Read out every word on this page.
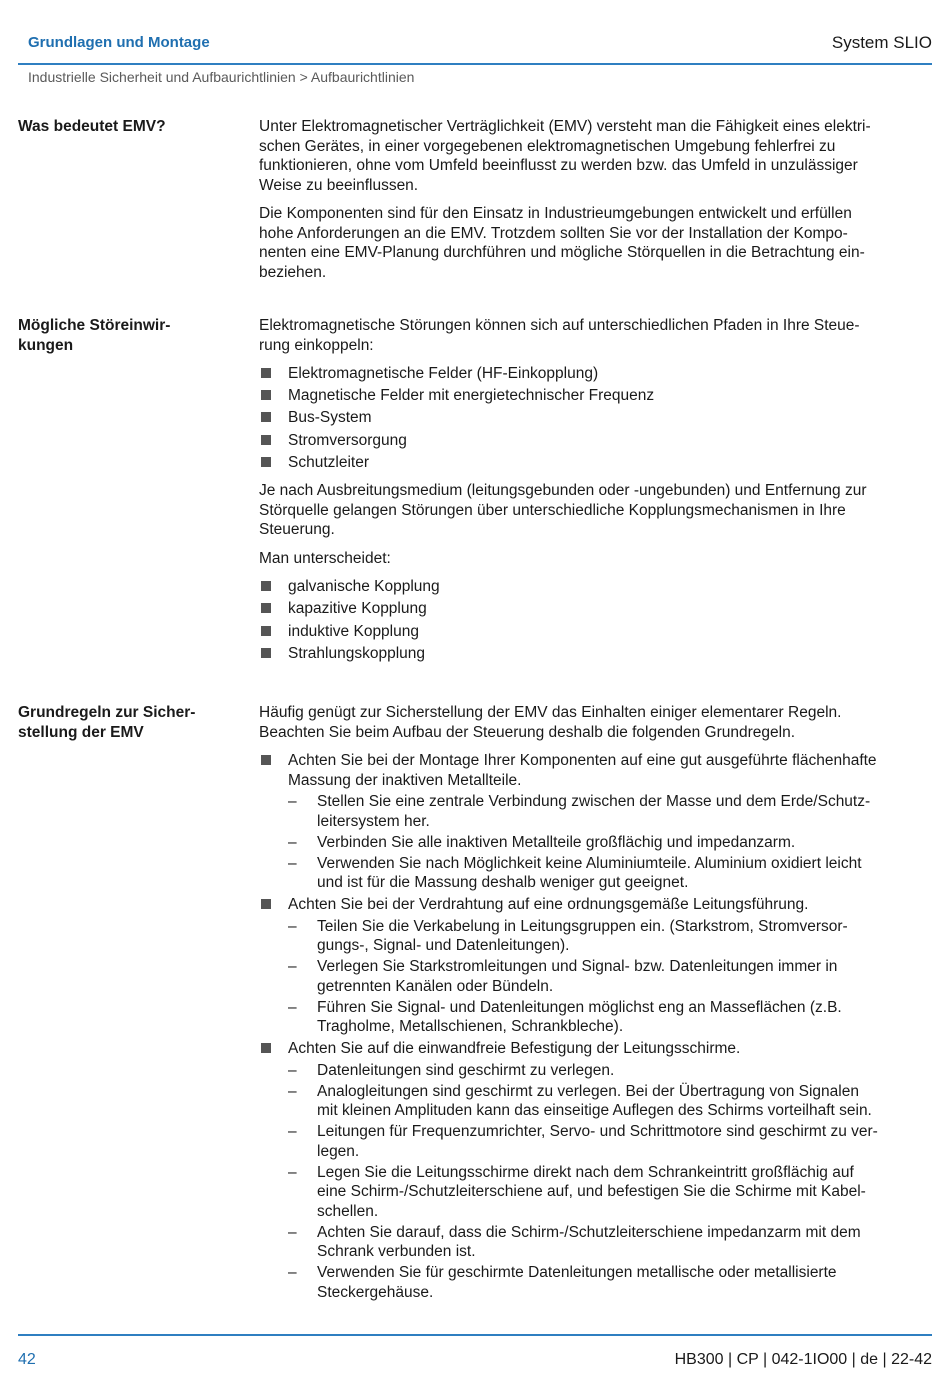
Grundlagen und Montage	System SLIO
Industrielle Sicherheit und Aufbaurichtlinien > Aufbaurichtlinien
Was bedeutet EMV?	Unter Elektromagnetischer Verträglichkeit (EMV) versteht man die Fähigkeit eines elektri-
schen Gerätes, in einer vorgegebenen elektromagnetischen Umgebung fehlerfrei zu
funktionieren, ohne vom Umfeld beeinflusst zu werden bzw. das Umfeld in unzulässiger
Weise zu beeinflussen.

Die Komponenten sind für den Einsatz in Industrieumgebungen entwickelt und erfüllen
hohe Anforderungen an die EMV. Trotzdem sollten Sie vor der Installation der Kompo-
nenten eine EMV-Planung durchführen und mögliche Störquellen in die Betrachtung ein-
beziehen.

Mögliche Störeinwir-
kungen

Elektromagnetische Störungen können sich auf unterschiedlichen Pfaden in Ihre Steue-
rung einkoppeln:

Elektromagnetische Felder (HF-Einkopplung)
Magnetische Felder mit energietechnischer Frequenz
Bus-System
Stromversorgung
Schutzleiter

Je nach Ausbreitungsmedium (leitungsgebunden oder -ungebunden) und Entfernung zur
Störquelle gelangen Störungen über unterschiedliche Kopplungsmechanismen in Ihre
Steuerung.

Man unterscheidet:

galvanische Kopplung
kapazitive Kopplung
induktive Kopplung
Strahlungskopplung
Grundregeln zur Sicher-
stellung der EMV

Häufig genügt zur Sicherstellung der EMV das Einhalten einiger elementarer Regeln.
Beachten Sie beim Aufbau der Steuerung deshalb die folgenden Grundregeln.

Achten Sie bei der Montage Ihrer Komponenten auf eine gut ausgeführte flächenhafte
Massung der inaktiven Metallteile.
– Stellen Sie eine zentrale Verbindung zwischen der Masse und dem Erde/Schutz-
leitersystem her.
– Verbinden Sie alle inaktiven Metallteile großflächig und impedanzarm.
– Verwenden Sie nach Möglichkeit keine Aluminiumteile. Aluminium oxidiert leicht
und ist für die Massung deshalb weniger gut geeignet.
Achten Sie bei der Verdrahtung auf eine ordnungsgemäße Leitungsführung.
– Teilen Sie die Verkabelung in Leitungsgruppen ein. (Starkstrom, Stromversor-
gungs-, Signal- und Datenleitungen).
– Verlegen Sie Starkstromleitungen und Signal- bzw. Datenleitungen immer in
getrennten Kanälen oder Bündeln.
– Führen Sie Signal- und Datenleitungen möglichst eng an Masseflächen (z.B.
Tragholme, Metallschienen, Schrankbleche).
Achten Sie auf die einwandfreie Befestigung der Leitungsschirme.
– Datenleitungen sind geschirmt zu verlegen.
– Analogleitungen sind geschirmt zu verlegen. Bei der Übertragung von Signalen
mit kleinen Amplituden kann das einseitige Auflegen des Schirms vorteilhaft sein.
– Leitungen für Frequenzumrichter, Servo- und Schrittmotore sind geschirmt zu ver-
legen.
– Legen Sie die Leitungsschirme direkt nach dem Schrankeintritt großflächig auf
eine Schirm-/Schutzleiterschiene auf, und befestigen Sie die Schirme mit Kabel-
schellen.
– Achten Sie darauf, dass die Schirm-/Schutzleiterschiene impedanzarm mit dem
Schrank verbunden ist.
– Verwenden Sie für geschirmte Datenleitungen metallische oder metallisierte
Steckergehäuse.
42	HB300 | CP | 042-1IO00 | de | 22-42
